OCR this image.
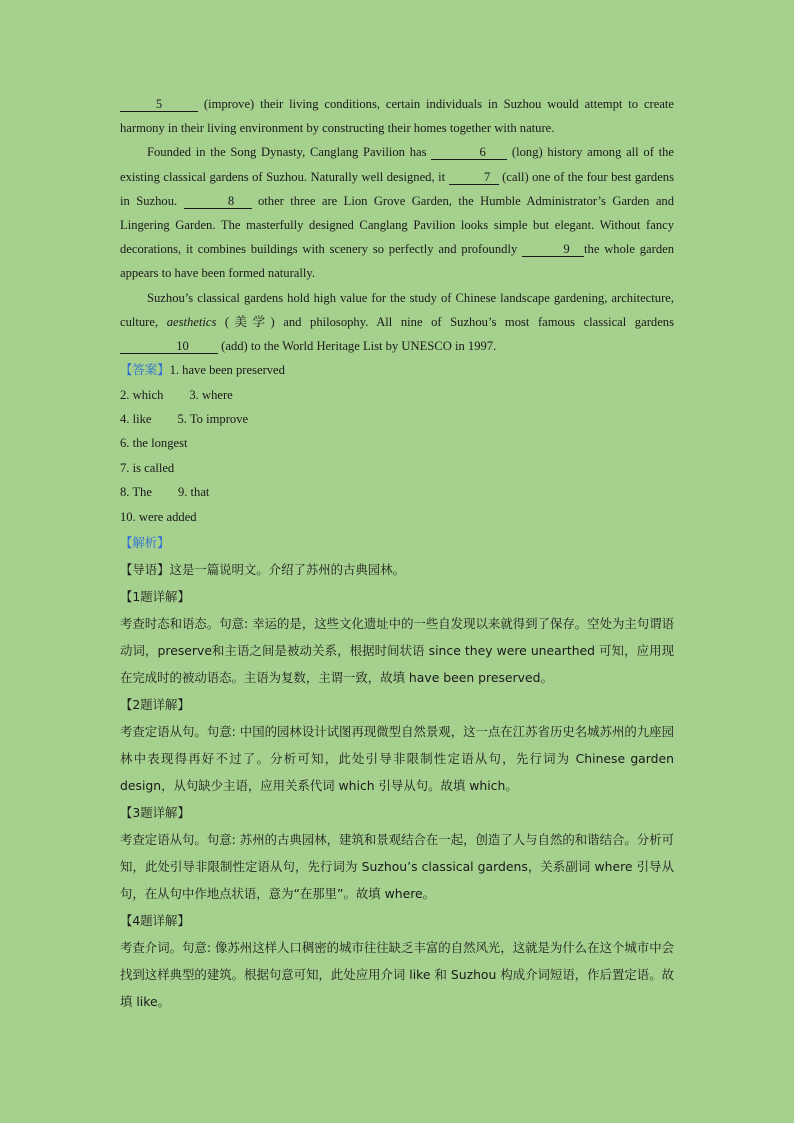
5	(improve) their living conditions, certain individuals in Suzhou would attempt to create harmony in their living environment by constructing their homes together with nature.

Founded in the Song Dynasty, Canglang Pavilion has	6 (long) history among all of the existing classical gardens of Suzhou. Naturally well designed, it	7 (call) one of the four best gardens in Suzhou.	8 other three are Lion Grove Garden, the Humble Administrator’s Garden and Lingering Garden. The masterfully designed Canglang Pavilion looks simple but elegant. Without fancy decorations, it combines buildings with scenery so perfectly and profoundly	9 the whole garden appears to have been formed naturally.

Suzhou’s classical gardens hold high value for the study of Chinese landscape gardening, architecture, culture, aesthetics (美学) and philosophy. All nine of Suzhou’s most famous classical gardens 10	(add) to the World Heritage List by UNESCO in 1997.

【答案】1. have been preserved

2. which 3. where

4. like 5. To improve

6. the longest

7. is called

8. The 9. that

10. were added

【解析】

【导语】这是一篇说明文。介绍了苏州的古典园林。

【1题详解】

考查时态和语态。句意: 幸运的是，这些文化遗址中的一些自发现以来就得到了保存。空处为主句谓语动词，preserve和主语之间是被动关系，根据时间状语 since they were unearthed 可知，应用现在完成时的被动语态。主语为复数，主谓一致，故填 have been preserved。

【2题详解】

考查定语从句。句意: 中国的园林设计试图再现微型自然景观，这一点在江苏省历史名城苏州的九座园林中表现得再好不过了。分析可知，此处引导非限制性定语从句，先行词为 Chinese garden design，从句缺少主语，应用关系代词 which 引导从句。故填 which。

【3题详解】

考查定语从句。句意: 苏州的古典园林，建筑和景观结合在一起，创造了人与自然的和谐结合。分析可知，此处引导非限制性定语从句，先行词为 Suzhou’s classical gardens，关系副词 where 引导从句，在从句中作地点状语，意为“在那里”。故填 where。

【4题详解】

考查介词。句意: 像苏州这样人口稠密的城市往往缺乏丰富的自然风光，这就是为什么在这个城市中会找到这样典型的建筑。根据句意可知，此处应用介词 like 和 Suzhou 构成介词短语，作后置定语。故填 like。
